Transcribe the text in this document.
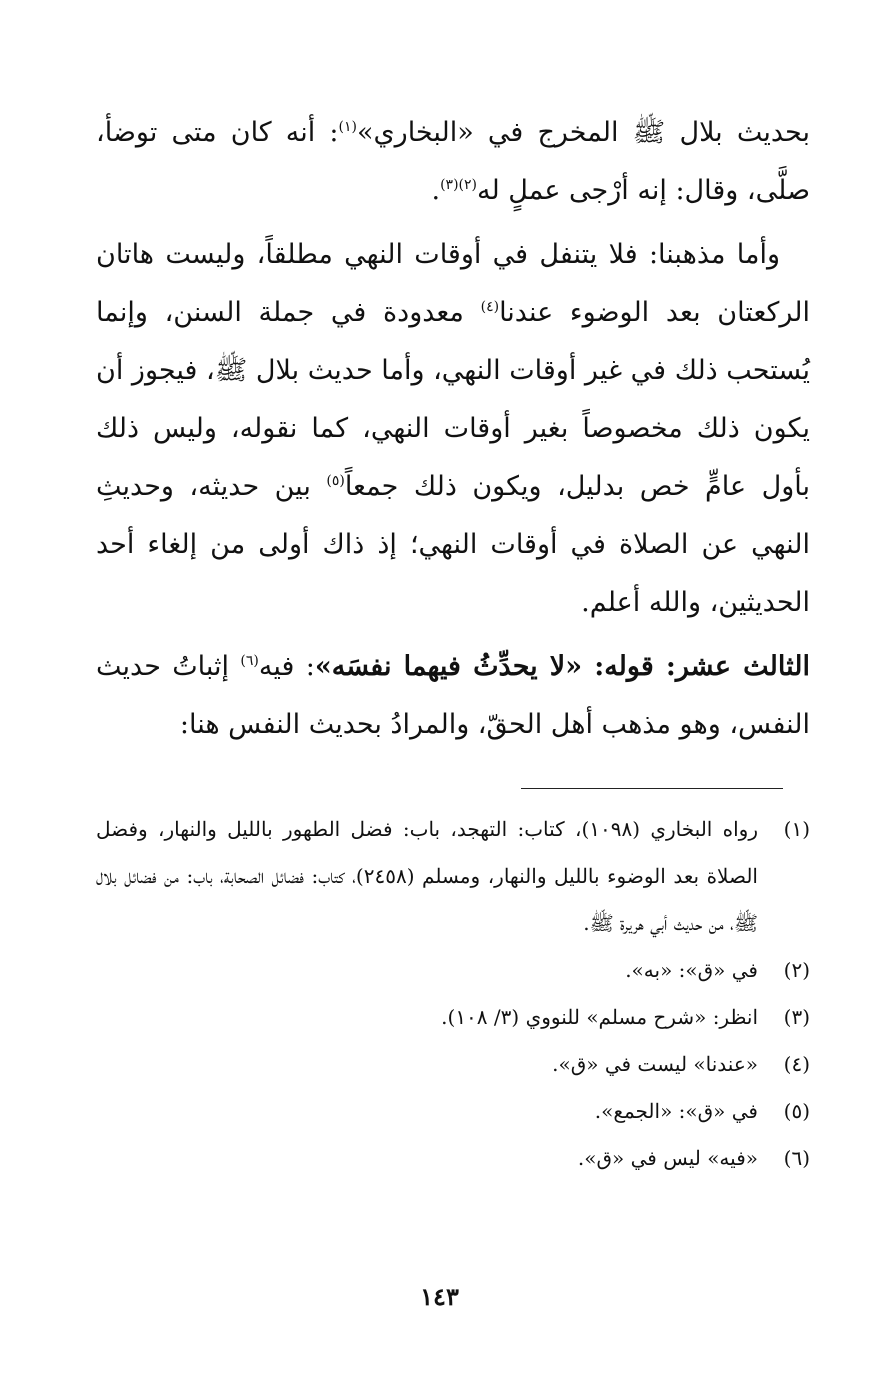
بحديث بلال ﷺ المخرج في «البخاري»$^{(١)}$: أنه كان متى توضأ، صلَّى، وقال: إنه أرْجى عملٍ له$^{(٢)(٣)}$.

وأما مذهبنا: فلا يتنفل في أوقات النهي مطلقاً، وليست هاتان الركعتان بعد الوضوء عندنا$^{(٤)}$ معدودة في جملة السنن، وإنما يُستحب ذلك في غير أوقات النهي، وأما حديث بلال ﷺ، فيجوز أن يكون ذلك مخصوصاً بغير أوقات النهي، كما نقوله، وليس ذلك بأول عامٍّ خص بدليل، ويكون ذلك جمعاً$^{(٥)}$ بين حديثه، وحديثِ النهي عن الصلاة في أوقات النهي؛ إذ ذاك أولى من إلغاء أحد الحديثين، والله أعلم.

الثالث عشر: قوله: «لا يحدِّثُ فيهما نفسَه»: فيه$^{(٦)}$ إثباتُ حديث النفس، وهو مذهب أهل الحقّ، والمرادُ بحديث النفس هنا:

(١)
رواه البخاري (١٠٩٨)، كتاب: التهجد، باب: فضل الطهور بالليل والنهار، وفضل الصلاة بعد الوضوء بالليل والنهار، ومسلم (٢٤٥٨)، كتاب: فضائل الصحابة، باب: من فضائل بلال ﷺ، من حديث أبي هريرة ﷺ.
(٢)
في «ق»: «به».
(٣)
انظر: «شرح مسلم» للنووي (٣/ ١٠٨).
(٤)
«عندنا» ليست في «ق».
(٥)
في «ق»: «الجمع».
(٦)
«فيه» ليس في «ق».
١٤٣
